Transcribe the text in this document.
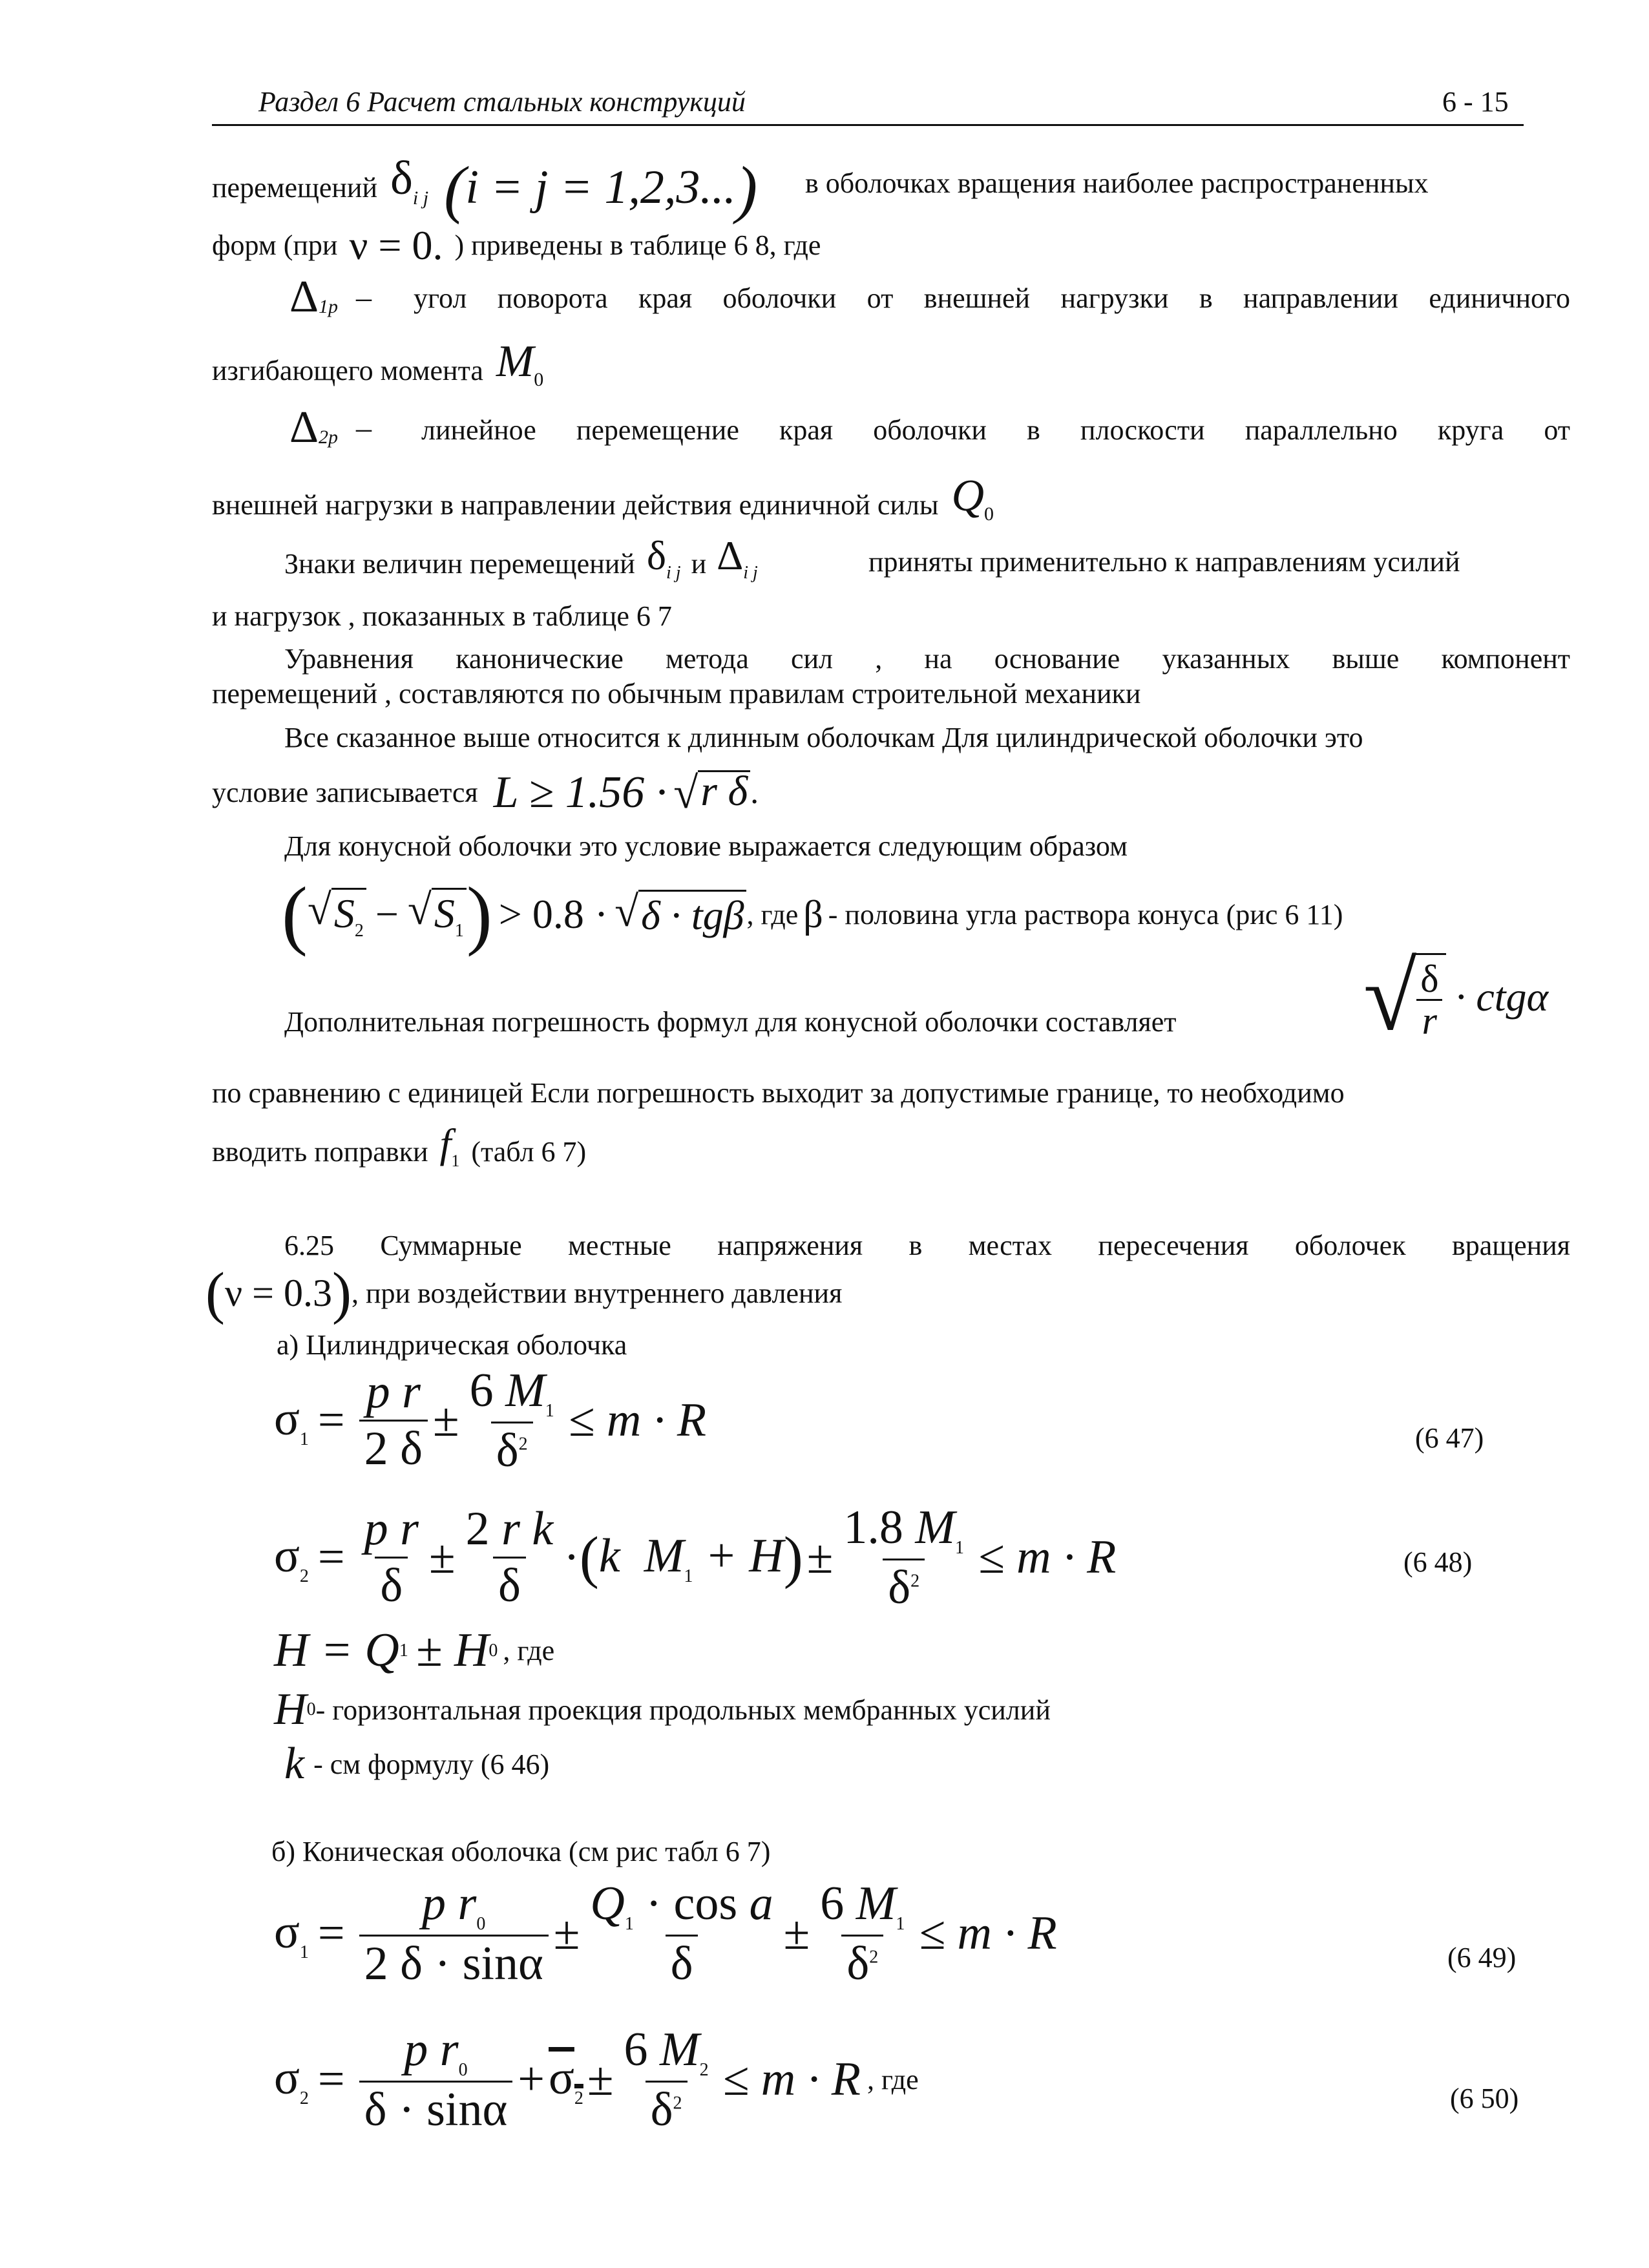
Раздел 6 Расчет стальных конструкций	6 - 15
перемещений $\delta_{i j}$ (i = j = 1,2,3...) в оболочках вращения наиболее распространенных
форм (при ν = 0. ) приведены в таблице 6 8, где
Δ 1p – угол поворота края оболочки от внешней нагрузки в направлении единичного
изгибающего момента $M_0$
Δ 2p – линейное перемещение края оболочки в плоскости параллельно круга от
внешней нагрузки в направлении действия единичной силы $Q_0$
Знаки величин перемещений $\delta_{i j}$ и $\Delta_{i j}$	приняты применительно к направлениям усилий
и нагрузок , показанных в таблице 6 7
Уравнения канонические метода сил , на основание указанных выше компонент
перемещений , составляются по обычным правилам строительной механики
Все сказанное выше относится к длинным оболочкам Для цилиндрической оболочки это
условие записывается L ≥ 1.56 · √ r δ .
Для конусной оболочки это условие выражается следующим образом
( √ $S_2$ − √ $S_1$ ) > 0.8 · √ δ · tgβ , где β - половина угла раствора конуса (рис 6 11)
Дополнительная погрешность формул для конусной оболочки составляет √ δ
r
· ctgα
по сравнению с единицей Если погрешность выходит за допустимые границе, то необходимо
вводить поправки $f_1$ (табл 6 7)
6.25 Суммарные местные напряжения в местах пересечения оболочек вращения
( ν = 0.3 ) , при воздействии внутреннего давления
а) Цилиндрическая оболочка
$\sigma_1 = \frac{\text{p r}}{2 \delta} \pm \frac{6 M_1}{\delta^2} \le m \cdot R$	(6 47)
$\sigma_2 = \frac{\text{p r}}{\delta} \pm \frac{\text{2 r k}}{\delta}$ · ( k  $M_1 + H$ ) ± $\frac{1.8 M_1}{\delta^2} \le m \cdot R$	(6 48)
H = Q 1 ± H 0 , где
H 0 - горизонтальная проекция продольных мембранных усилий
k - см формулу (6 46)
б) Коническая оболочка (см рис табл 6 7)
$\sigma_1 = \frac{p r_0}{2 \delta \cdot \sin\alpha} \pm \frac{Q_1 \cdot \cos a}{\delta} \pm \frac{6 M_1}{\delta^2} \le m \cdot R$	(6 49)
$\sigma_2 = \frac{p r_0}{\delta \cdot \sin\alpha} + \sigma_2 \pm \frac{6 M_2}{\delta^2} \le m \cdot R$ , где
(6 50)
